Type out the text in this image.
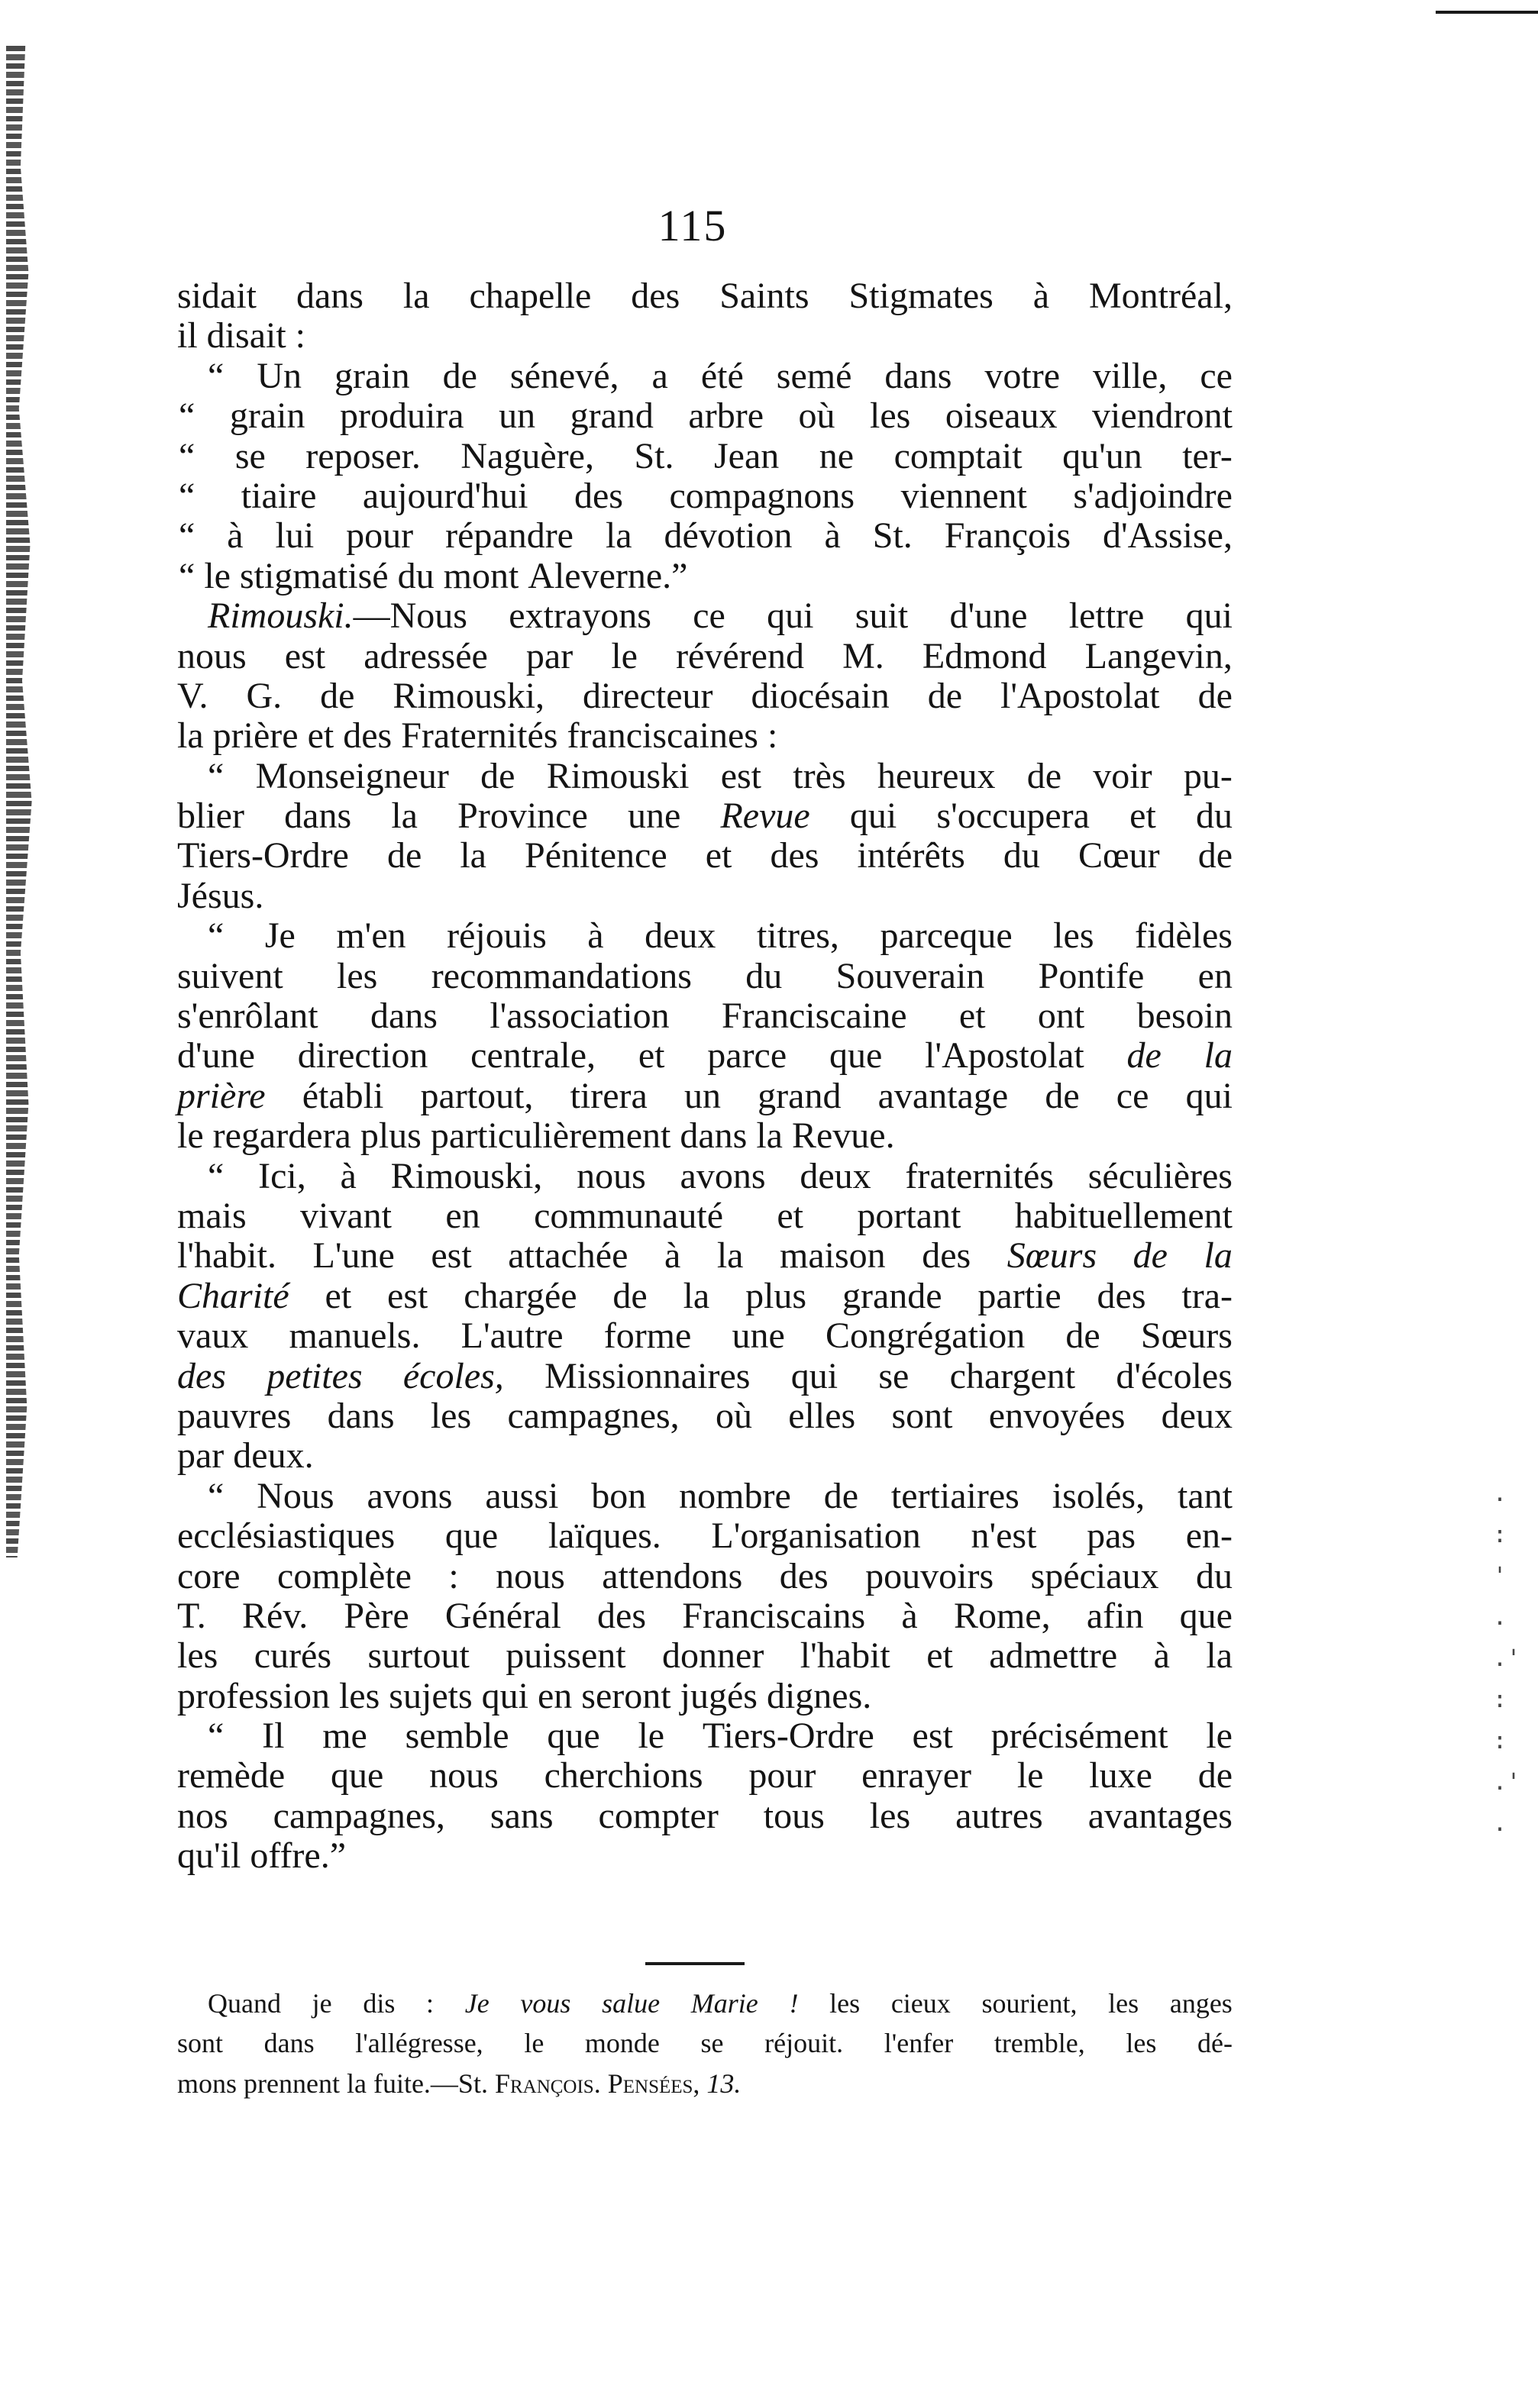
.
:
'
.
.'
:
:
.'
.
115
sidait dans la chapelle des Saints Stigmates à Montréal,
il
disait
:
“ Un grain de sénevé, a été semé dans votre ville, ce
“ grain produira un grand arbre où les oiseaux viendront
“ se reposer. Naguère, St. Jean ne comptait qu'un ter-
“ tiaire aujourd'hui des compagnons viennent s'adjoindre
“ à lui pour répandre la dévotion à St. François d'Assise,
“
le
stigmatisé
du
mont
Aleverne.”
Rimouski.—Nous extrayons ce qui suit d'une lettre qui
nous est adressée par le révérend M. Edmond Langevin,
V. G. de Rimouski, directeur diocésain de l'Apostolat de
la
prière
et
des
Fraternités
franciscaines
:
“ Monseigneur de Rimouski est très heureux de voir pu-
blier dans la Province une Revue qui s'occupera et du
Tiers-Ordre de la Pénitence et des intérêts du Cœur de
Jésus.
“ Je m'en réjouis à deux titres, parceque les fidèles
suivent les recommandations du Souverain Pontife en
s'enrôlant dans l'association Franciscaine et ont besoin
d'une direction centrale, et parce que l'Apostolat de la
prière établi partout, tirera un grand avantage de ce qui
le
regardera
plus
particulièrement
dans
la
Revue.
“ Ici, à Rimouski, nous avons deux fraternités séculières
mais vivant en communauté et portant habituellement
l'habit. L'une est attachée à la maison des Sœurs de la
Charité et est chargée de la plus grande partie des tra-
vaux manuels. L'autre forme une Congrégation de Sœurs
des petites écoles, Missionnaires qui se chargent d'écoles
pauvres dans les campagnes, où elles sont envoyées deux
par
deux.
“ Nous avons aussi bon nombre de tertiaires isolés, tant
ecclésiastiques que laïques. L'organisation n'est pas en-
core complète : nous attendons des pouvoirs spéciaux du
T. Rév. Père Général des Franciscains à Rome, afin que
les curés surtout puissent donner l'habit et admettre à la
profession
les
sujets
qui
en
seront
jugés
dignes.
“ Il me semble que le Tiers-Ordre est précisément le
remède que nous cherchions pour enrayer le luxe de
nos campagnes, sans compter tous les autres avantages
qu'il
offre.”
Quand je dis : Je vous salue Marie ! les cieux sourient, les anges
sont dans l'allégresse, le monde se réjouit. l'enfer tremble, les dé-
mons
prennent
la
fuite.—St.
François.
Pensées,
13.
